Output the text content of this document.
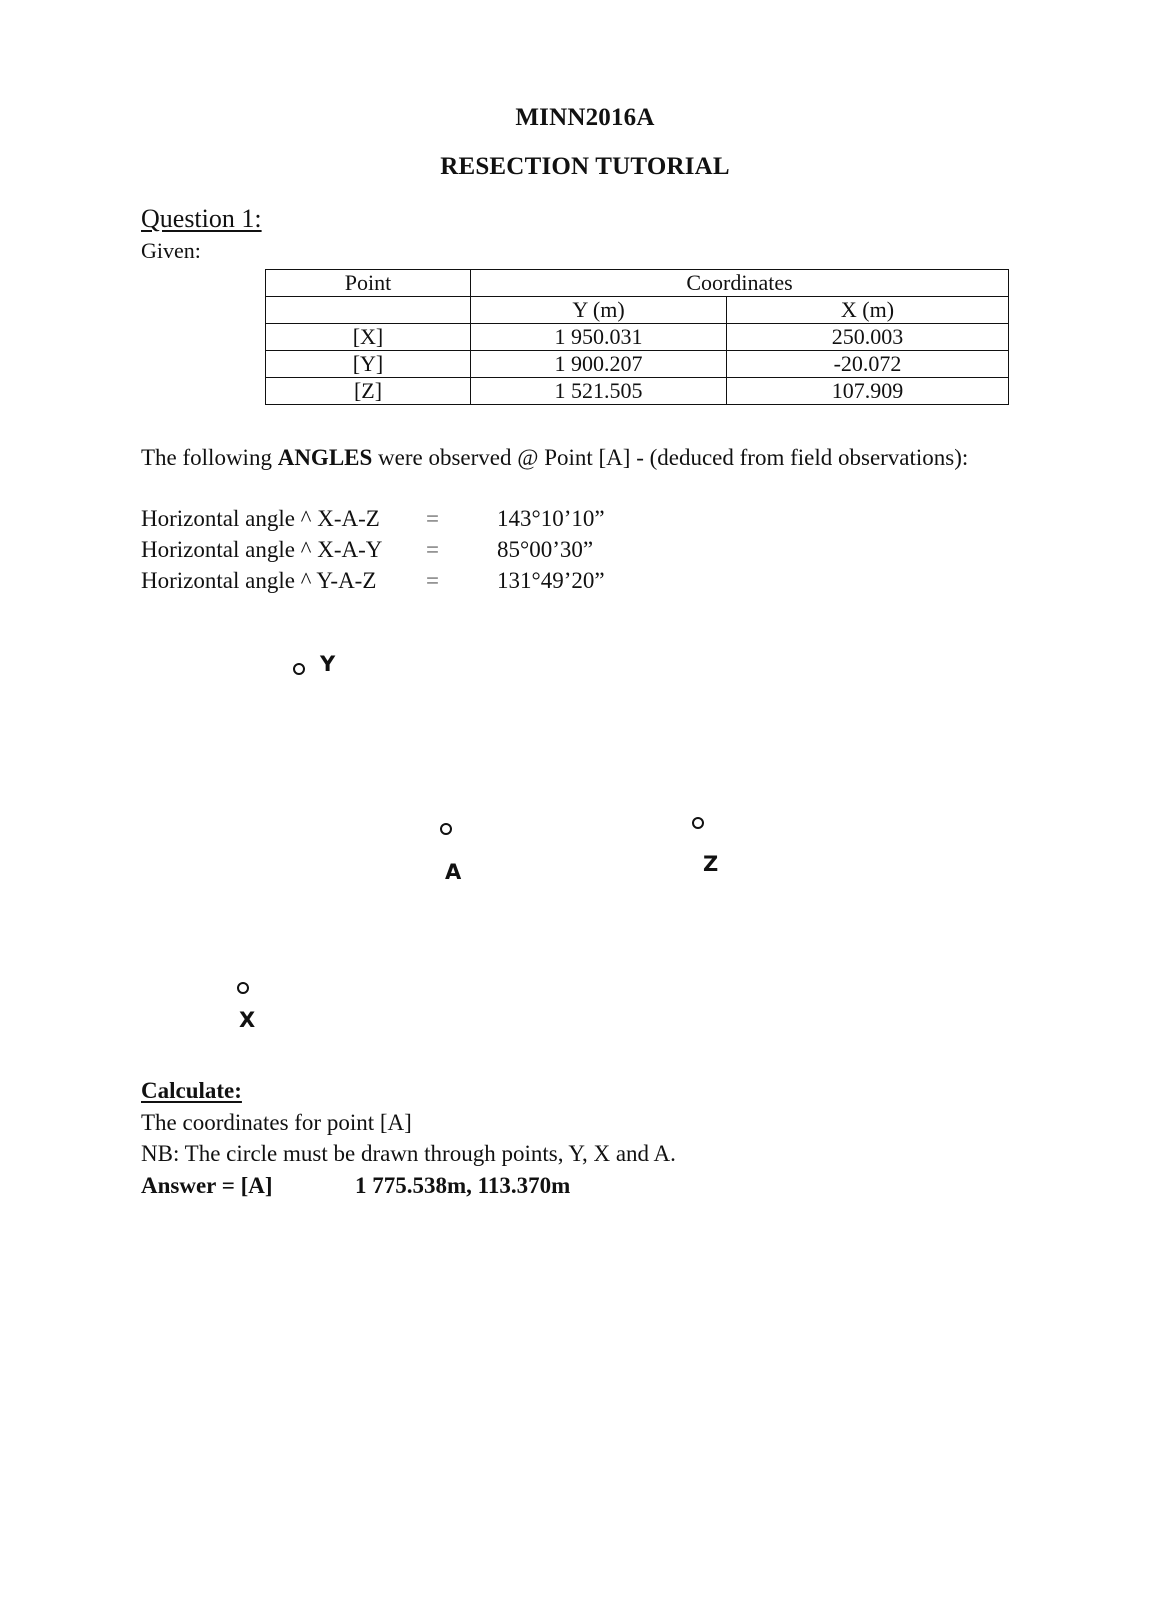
MINN2016A
RESECTION TUTORIAL
Question 1:
Given:
Point	Coordinates	
	Y (m)	X (m)
[X]	1 950.031	250.003
[Y]	1 900.207	-20.072
[Z]	1 521.505	107.909
The following ANGLES were observed @ Point [A] - (deduced from field observations):
Horizontal angle ^ X-A-Z =	143°10’10”
Horizontal angle ^ X-A-Y =	85°00’30”
Horizontal angle ^ Y-A-Z =	131°49’20”
Y
A	Z
X
Calculate:
The coordinates for point [A]
NB: The circle must be drawn through points, Y, X and A.
Answer = [A]	1 775.538m, 113.370m
